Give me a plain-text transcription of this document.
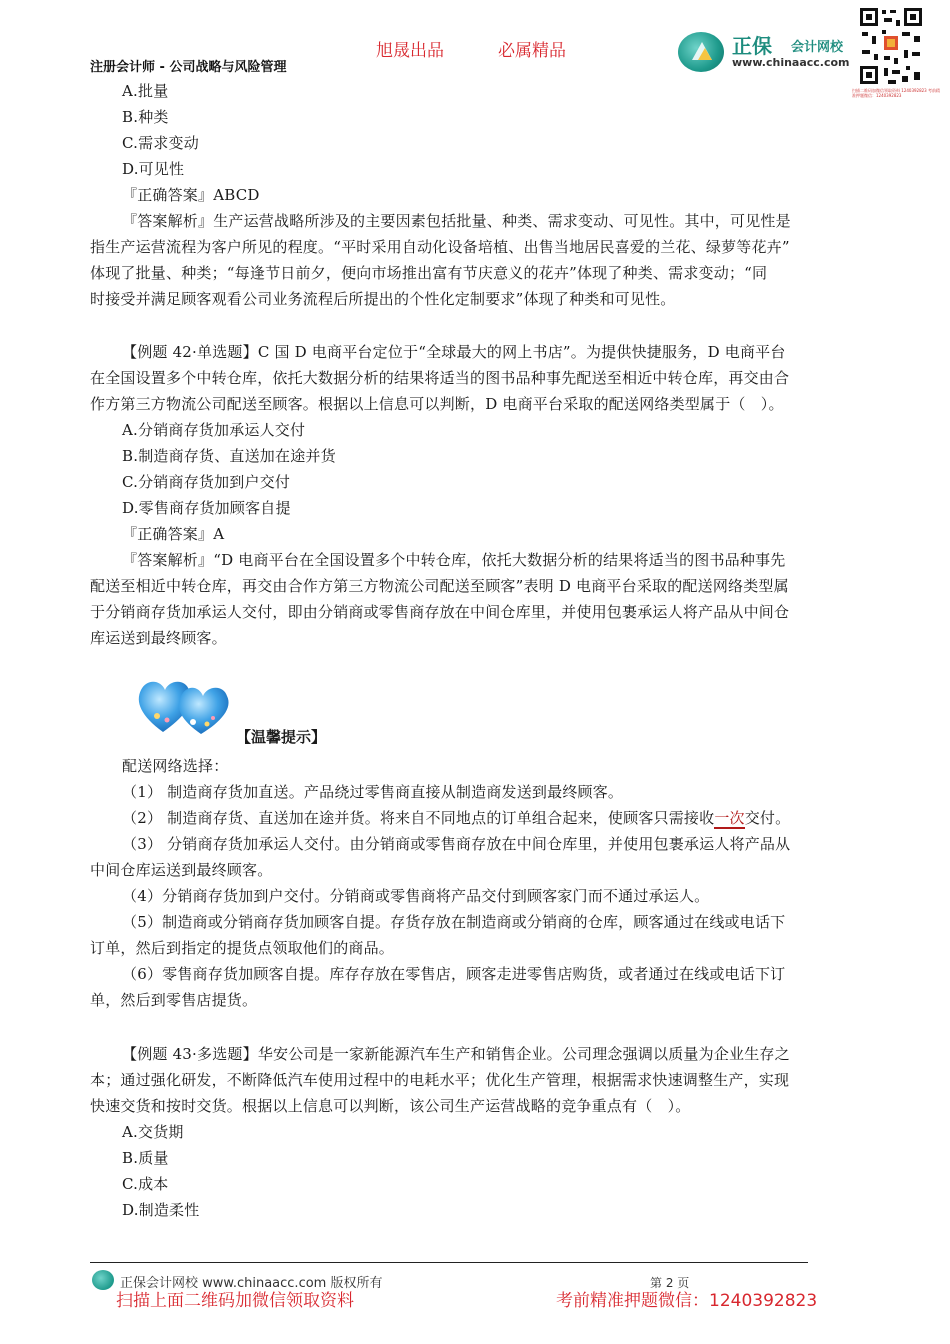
旭晟出品	必属精品
注册会计师 - 公司战略与风险管理
正保 会计网校
www.chinaacc.com
扫描二维码加微信领取资料 1240392823 考前精准押题微信：1240392823
A.批量
B.种类
C.需求变动
D.可见性
『正确答案』ABCD
『答案解析』生产运营战略所涉及的主要因素包括批量、种类、需求变动、可见性。其中，可见性是
指生产运营流程为客户所见的程度。“平时采用自动化设备培植、出售当地居民喜爱的兰花、绿萝等花卉”
体现了批量、种类；“每逢节日前夕，便向市场推出富有节庆意义的花卉”体现了种类、需求变动；“同
时接受并满足顾客观看公司业务流程后所提出的个性化定制要求”体现了种类和可见性。
【例题 42·单选题】C 国 D 电商平台定位于“全球最大的网上书店”。为提供快捷服务，D 电商平台
在全国设置多个中转仓库，依托大数据分析的结果将适当的图书品种事先配送至相近中转仓库，再交由合
作方第三方物流公司配送至顾客。根据以上信息可以判断，D 电商平台采取的配送网络类型属于（　）。
A.分销商存货加承运人交付
B.制造商存货、直送加在途并货
C.分销商存货加到户交付
D.零售商存货加顾客自提
『正确答案』A
『答案解析』“D 电商平台在全国设置多个中转仓库，依托大数据分析的结果将适当的图书品种事先
配送至相近中转仓库，再交由合作方第三方物流公司配送至顾客”表明 D 电商平台采取的配送网络类型属
于分销商存货加承运人交付，即由分销商或零售商存放在中间仓库里，并使用包裹承运人将产品从中间仓
库运送到最终顾客。
【温馨提示】
配送网络选择：
（1） 制造商存货加直送。产品绕过零售商直接从制造商发送到最终顾客。
（2） 制造商存货、直送加在途并货。将来自不同地点的订单组合起来，使顾客只需接收一次交付。
（3） 分销商存货加承运人交付。由分销商或零售商存放在中间仓库里，并使用包裹承运人将产品从
中间仓库运送到最终顾客。
（4）分销商存货加到户交付。分销商或零售商将产品交付到顾客家门而不通过承运人。
（5）制造商或分销商存货加顾客自提。存货存放在制造商或分销商的仓库，顾客通过在线或电话下
订单，然后到指定的提货点领取他们的商品。
（6）零售商存货加顾客自提。库存存放在零售店，顾客走进零售店购货，或者通过在线或电话下订
单，然后到零售店提货。
【例题 43·多选题】华安公司是一家新能源汽车生产和销售企业。公司理念强调以质量为企业生存之
本；通过强化研发，不断降低汽车使用过程中的电耗水平；优化生产管理，根据需求快速调整生产，实现
快速交货和按时交货。根据以上信息可以判断，该公司生产运营战略的竞争重点有（　）。
A.交货期
B.质量
C.成本
D.制造柔性
正保会计网校 www.chinaacc.com 版权所有	第 2 页
扫描上面二维码加微信领取资料	考前精准押题微信：1240392823
